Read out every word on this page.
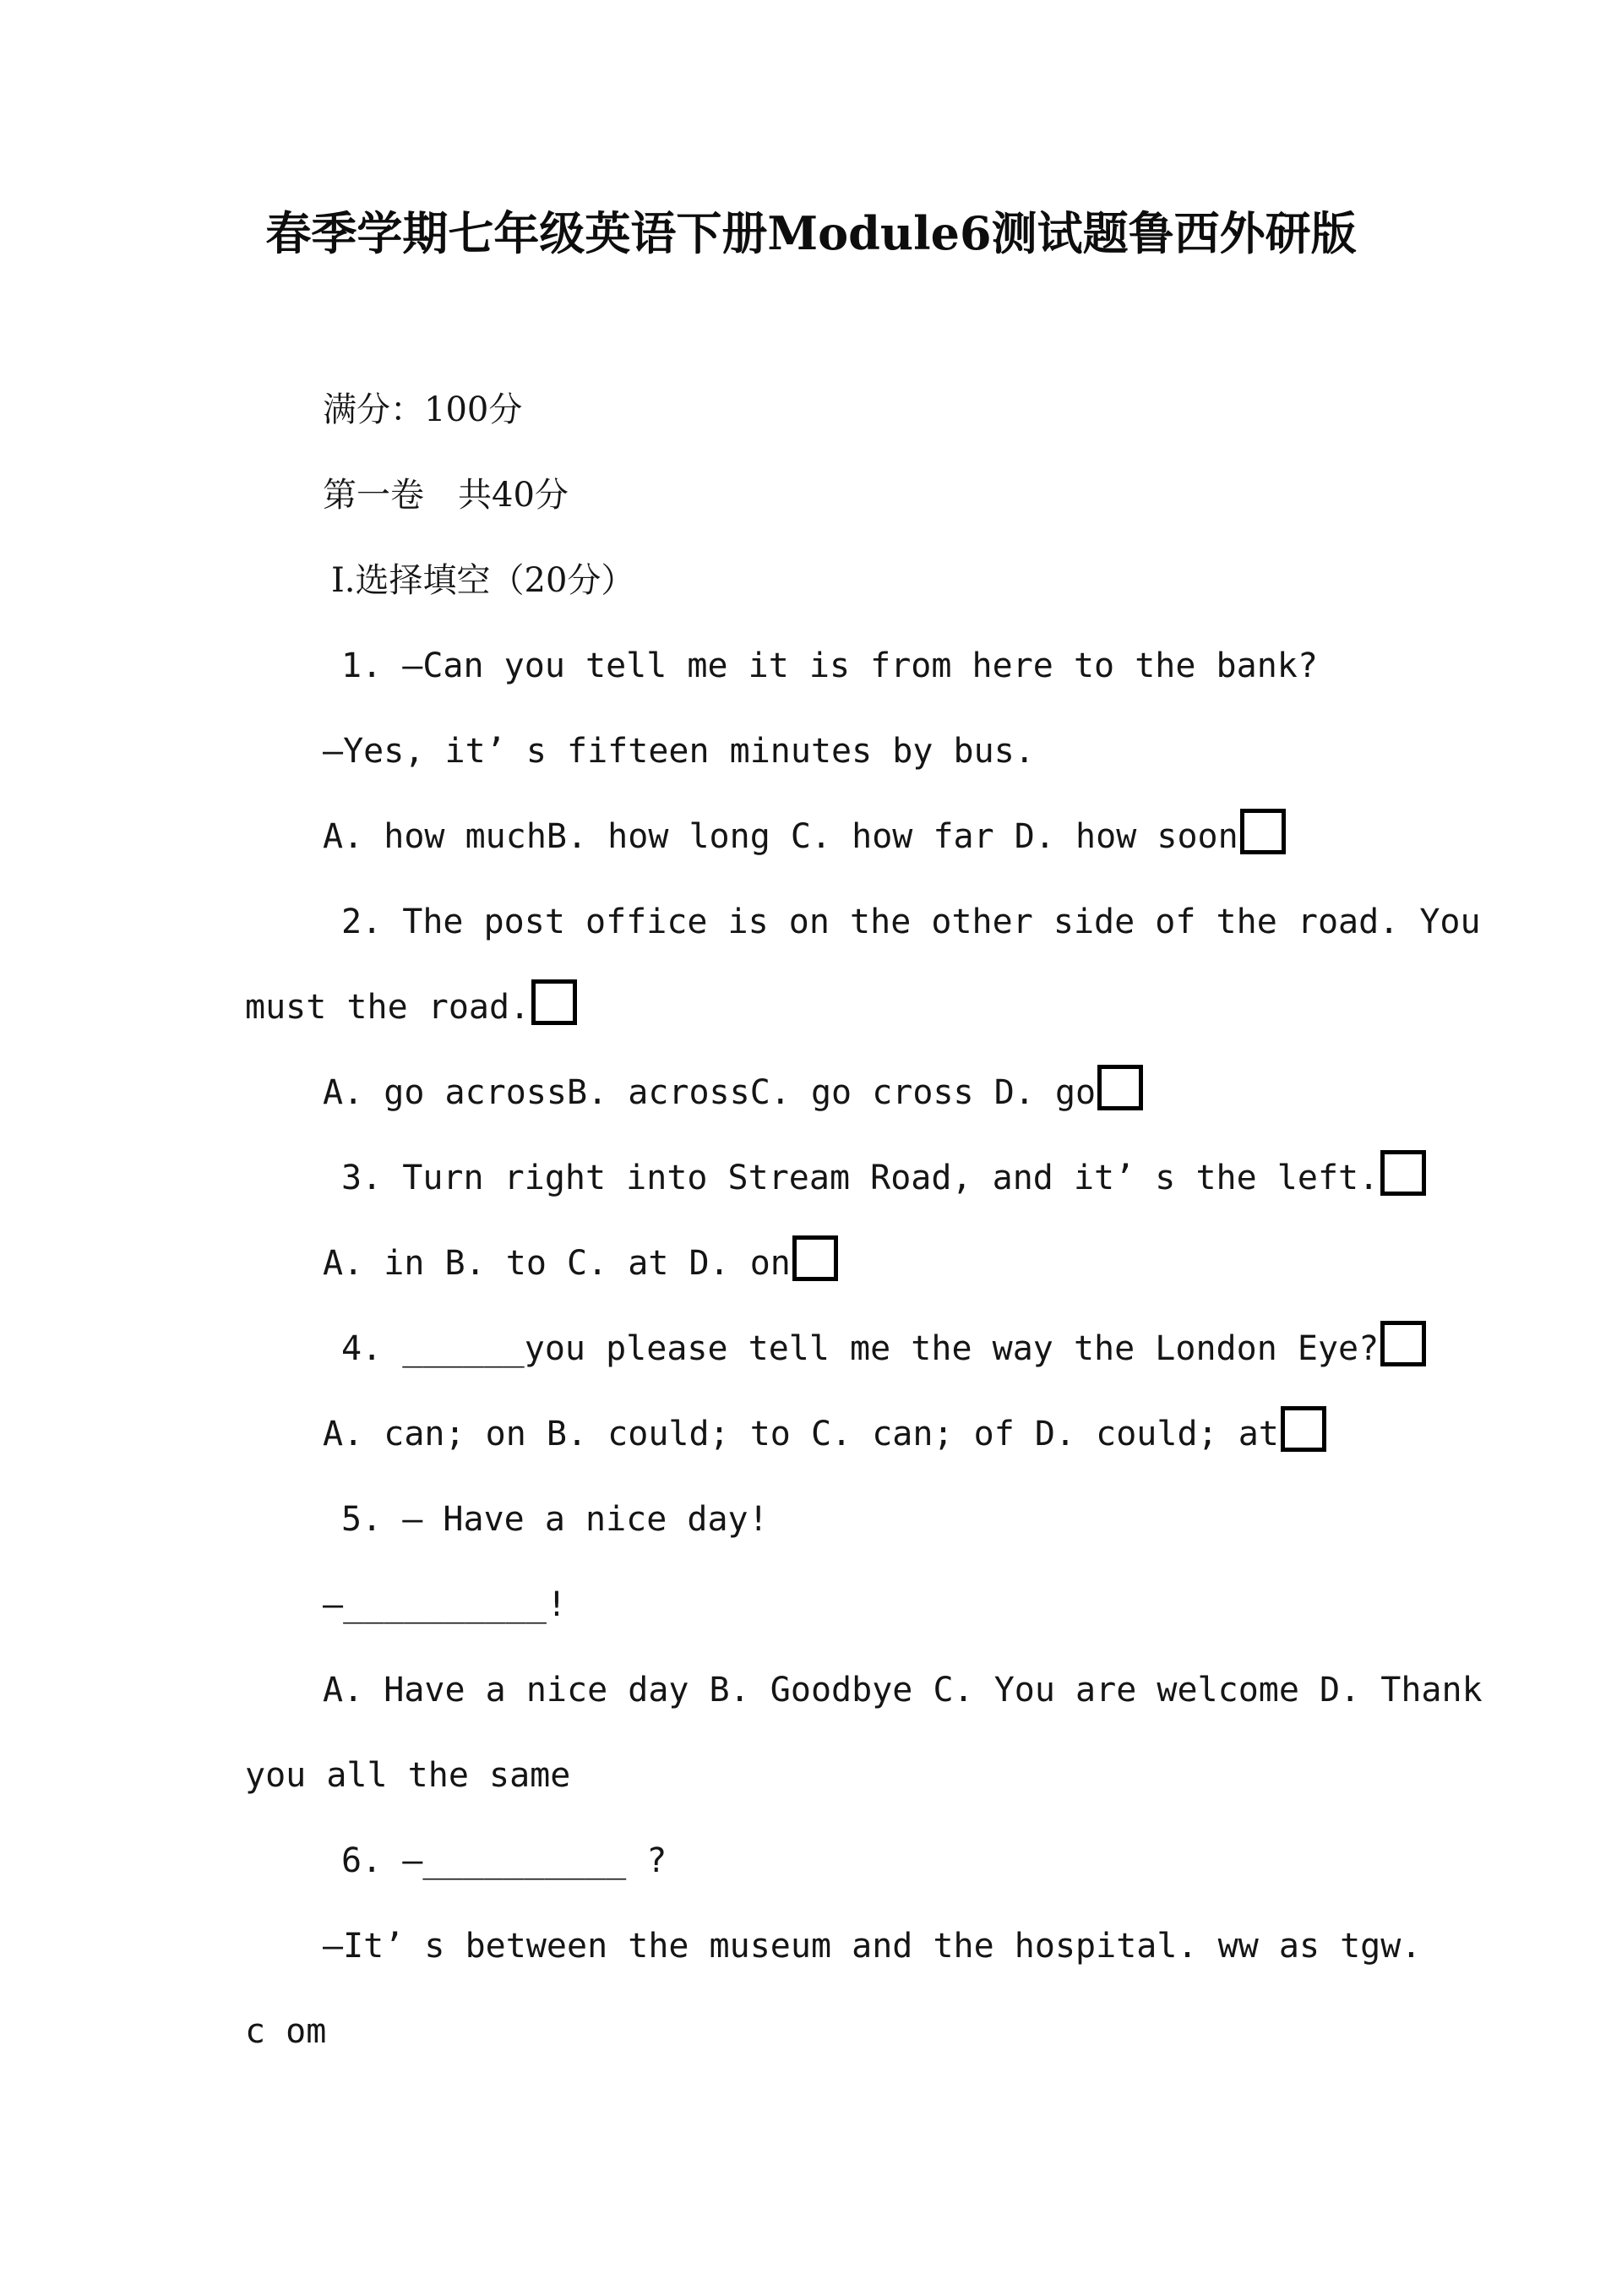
春季学期七年级英语下册Module6测试题鲁西外研版
满分：100分
第一卷　共40分
Ⅰ.选择填空（20分）
1. —Can you tell me it is from here to the bank?
—Yes, it’ s fifteen minutes by bus.
A. how muchB. how long C. how far D. how soon
2. The post office is on the other side of the road. You
must the road.
A. go acrossB. acrossC. go cross D. go
3. Turn right into Stream Road, and it’ s the left.
A. in B. to C. at D. on
4. ______you please tell me the way the London Eye?
A. can; on B. could; to C. can; of D. could; at
5. — Have a nice day!
—__________!
A. Have a nice day B. Goodbye C. You are welcome D. Thank
you all the same
6. —__________ ?
—It’ s between the museum and the hospital. ww as tgw.
c om
